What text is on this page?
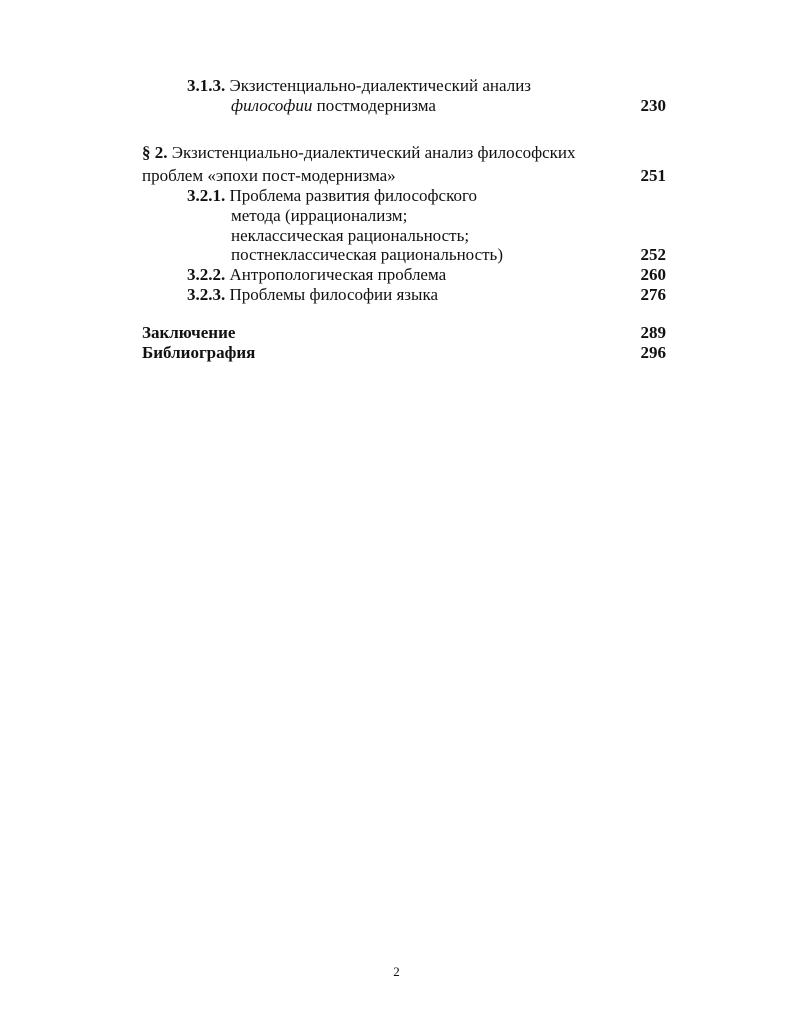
3.1.3. Экзистенциально-диалектический анализ
философии постмодернизма	230
§ 2. Экзистенциально-диалектический анализ философских
проблем «эпохи пост-модернизма»	251
3.2.1. Проблема развития философского
метода (иррационализм;
неклассическая рациональность;
постнеклассическая рациональность)	252
3.2.2. Антропологическая проблема	260
3.2.3. Проблемы философии языка	276
Заключение	289
Библиография	296
2
